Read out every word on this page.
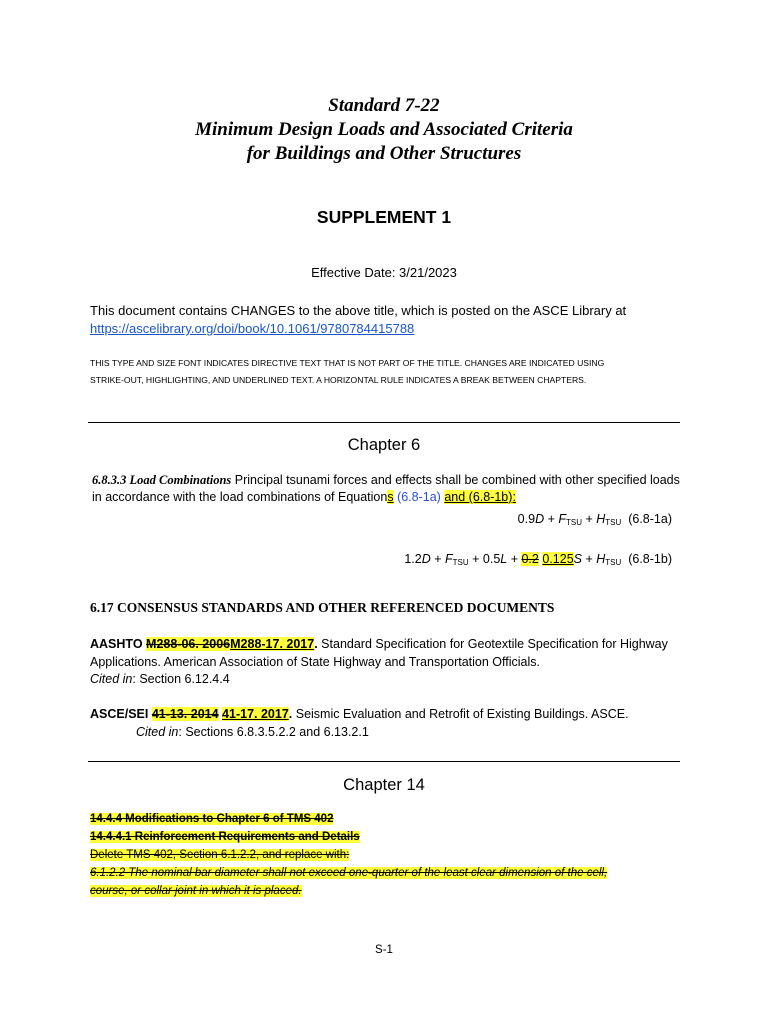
Standard 7-22
Minimum Design Loads and Associated Criteria
for Buildings and Other Structures
SUPPLEMENT 1
Effective Date: 3/21/2023
This document contains CHANGES to the above title, which is posted on the ASCE Library at
https://ascelibrary.org/doi/book/10.1061/9780784415788
THIS TYPE AND SIZE FONT INDICATES DIRECTIVE TEXT THAT IS NOT PART OF THE TITLE. CHANGES ARE INDICATED USING
STRIKE-OUT, HIGHLIGHTING, AND UNDERLINED TEXT. A HORIZONTAL RULE INDICATES A BREAK BETWEEN CHAPTERS.
Chapter 6
6.8.3.3 Load Combinations Principal tsunami forces and effects shall be combined with other specified loads in accordance with the load combinations of Equations (6.8-1a) and (6.8-1b):
$0.9D + F_{TSU} + H_{TSU}$ (6.8-1a)
$1.2D + F_{TSU} + 0.5L + 0.2$ $0.125S + H_{TSU}$ (6.8-1b)
6.17 CONSENSUS STANDARDS AND OTHER REFERENCED DOCUMENTS
AASHTO M288-06. 2006M288-17. 2017. Standard Specification for Geotextile Specification for Highway Applications. American Association of State Highway and Transportation Officials.
Cited in: Section 6.12.4.4
ASCE/SEI 41-13. 2014 41-17. 2017. Seismic Evaluation and Retrofit of Existing Buildings. ASCE.
Cited in: Sections 6.8.3.5.2.2 and 6.13.2.1
Chapter 14
14.4.4 Modifications to Chapter 6 of TMS 402
14.4.4.1 Reinforcement Requirements and Details
Delete TMS 402, Section 6.1.2.2, and replace with:
6.1.2.2 The nominal bar diameter shall not exceed one-quarter of the least clear dimension of the cell,
course, or collar joint in which it is placed.
S-1
